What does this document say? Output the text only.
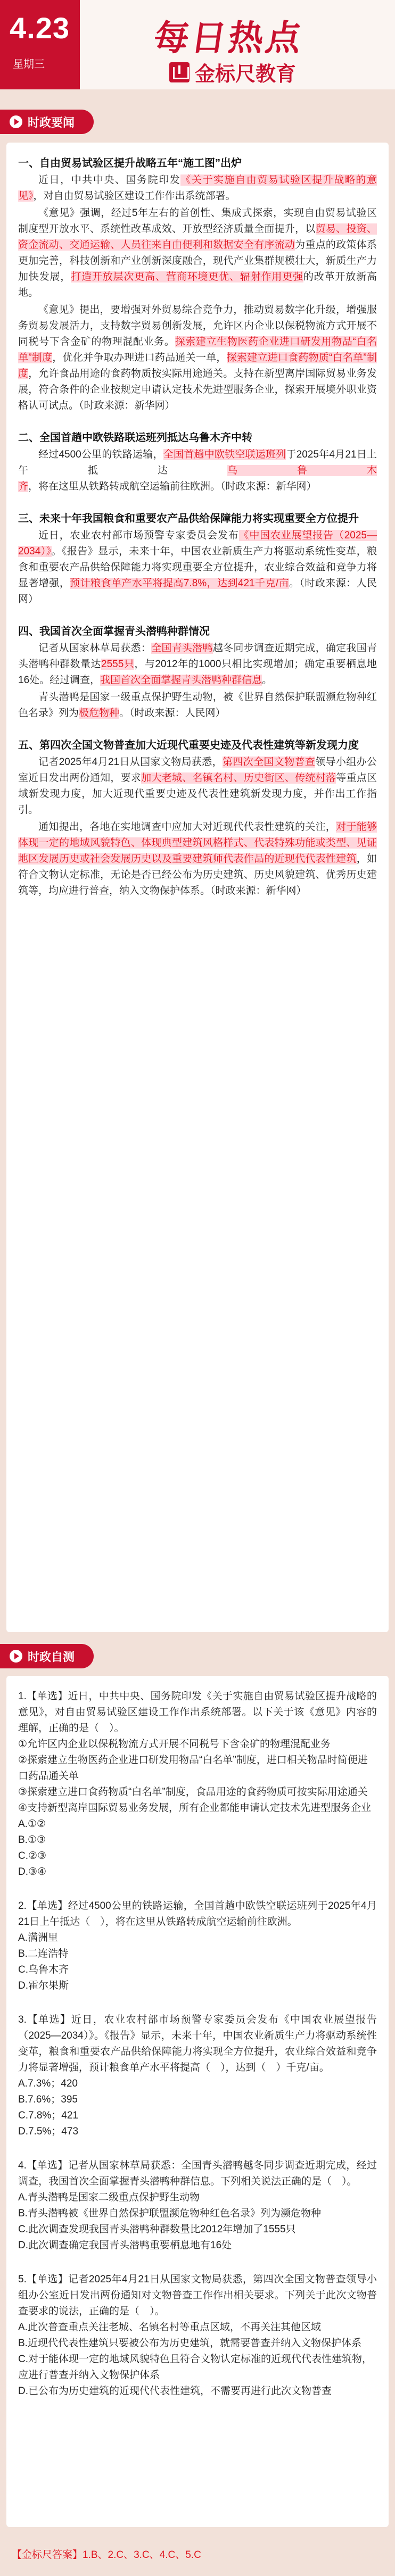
4.23
星期三
每日热点
金标尺教育
时政要闻
一、自由贸易试验区提升战略五年“施工图”出炉
近日，中共中央、国务院印发《关于实施自由贸易试验区提升战略的意见》，对自由贸易试验区建设工作作出系统部署。
《意见》强调，经过5年左右的首创性、集成式探索，实现自由贸易试验区制度型开放水平、系统性改革成效、开放型经济质量全面提升，以贸易、投资、资金流动、交通运输、人员往来自由便利和数据安全有序流动为重点的政策体系更加完善，科技创新和产业创新深度融合，现代产业集群规模壮大，新质生产力加快发展，打造开放层次更高、营商环境更优、辐射作用更强的改革开放新高地。
《意见》提出，要增强对外贸易综合竞争力，推动贸易数字化升级，增强服务贸易发展活力，支持数字贸易创新发展，允许区内企业以保税物流方式开展不同税号下含金矿的物理混配业务。探索建立生物医药企业进口研发用物品“白名单”制度，优化并争取办理进口药品通关一单，探索建立进口食药物质“白名单”制度，允许食品用途的食药物质按实际用途通关。支持在新型离岸国际贸易业务发展，符合条件的企业按规定申请认定技术先进型服务企业，探索开展境外职业资格认可试点。（时政来源：新华网）
二、全国首趟中欧铁路联运班列抵达乌鲁木齐中转
经过4500公里的铁路运输，全国首趟中欧铁空联运班列于2025年4月21日上午抵达乌鲁木齐，将在这里从铁路转成航空运输前往欧洲。（时政来源：新华网）
三、未来十年我国粮食和重要农产品供给保障能力将实现重要全方位提升
近日，农业农村部市场预警专家委员会发布《中国农业展望报告（2025—2034）》。《报告》显示，未来十年，中国农业新质生产力将驱动系统性变革，粮食和重要农产品供给保障能力将实现重要全方位提升，农业综合效益和竞争力将显著增强，预计粮食单产水平将提高7.8%，达到421千克/亩。（时政来源：人民网）
四、我国首次全面掌握青头潜鸭种群情况
记者从国家林草局获悉：全国青头潜鸭越冬同步调查近期完成，确定我国青头潜鸭种群数量达2555只，与2012年的1000只相比实现增加；确定重要栖息地16处。经过调查，我国首次全面掌握青头潜鸭种群信息。
青头潜鸭是国家一级重点保护野生动物，被《世界自然保护联盟濒危物种红色名录》列为极危物种。（时政来源：人民网）
五、第四次全国文物普查加大近现代重要史迹及代表性建筑等新发现力度
记者2025年4月21日从国家文物局获悉，第四次全国文物普查领导小组办公室近日发出两份通知，要求加大老城、名镇名村、历史街区、传统村落等重点区域新发现力度，加大近现代重要史迹及代表性建筑新发现力度，并作出工作指引。
通知提出，各地在实地调查中应加大对近现代代表性建筑的关注，对于能够体现一定的地域风貌特色、体现典型建筑风格样式、代表特殊功能或类型、见证地区发展历史或社会发展历史以及重要建筑师代表作品的近现代代表性建筑，如符合文物认定标准，无论是否已经公布为历史建筑、历史风貌建筑、优秀历史建筑等，均应进行普查，纳入文物保护体系。（时政来源：新华网）
时政自测
1.【单选】近日，中共中央、国务院印发《关于实施自由贸易试验区提升战略的意见》，对自由贸易试验区建设工作作出系统部署。以下关于该《意见》内容的理解，正确的是（　）。
①允许区内企业以保税物流方式开展不同税号下含金矿的物理混配业务
②探索建立生物医药企业进口研发用物品“白名单”制度，进口相关物品时简便进口药品通关单
③探索建立进口食药物质“白名单”制度，食品用途的食药物质可按实际用途通关
④支持新型离岸国际贸易业务发展，所有企业都能申请认定技术先进型服务企业
A.①②
B.①③
C.②③
D.③④
2.【单选】经过4500公里的铁路运输，全国首趟中欧铁空联运班列于2025年4月21日上午抵达（　），将在这里从铁路转成航空运输前往欧洲。
A.满洲里
B.二连浩特
C.乌鲁木齐
D.霍尔果斯
3.【单选】近日，农业农村部市场预警专家委员会发布《中国农业展望报告（2025—2034）》。《报告》显示，未来十年，中国农业新质生产力将驱动系统性变革，粮食和重要农产品供给保障能力将实现全方位提升，农业综合效益和竞争力将显著增强，预计粮食单产水平将提高（　），达到（　）千克/亩。
A.7.3%；420
B.7.6%；395
C.7.8%；421
D.7.5%；473
4.【单选】记者从国家林草局获悉：全国青头潜鸭越冬同步调查近期完成，经过调查，我国首次全面掌握青头潜鸭种群信息。下列相关说法正确的是（　）。
A.青头潜鸭是国家二级重点保护野生动物
B.青头潜鸭被《世界自然保护联盟濒危物种红色名录》列为濒危物种
C.此次调查发现我国青头潜鸭种群数量比2012年增加了1555只
D.此次调查确定我国青头潜鸭重要栖息地有16处
5.【单选】记者2025年4月21日从国家文物局获悉，第四次全国文物普查领导小组办公室近日发出两份通知对文物普查工作作出相关要求。下列关于此次文物普查要求的说法，正确的是（　）。
A.此次普查重点关注老城、名镇名村等重点区域，不再关注其他区域
B.近现代代表性建筑只要被公布为历史建筑，就需要普查并纳入文物保护体系
C.对于能体现一定的地域风貌特色且符合文物认定标准的近现代代表性建筑物，应进行普查并纳入文物保护体系
D.已公布为历史建筑的近现代代表性建筑，不需要再进行此次文物普查
【金标尺答案】1.B、2.C、3.C、4.C、5.C
